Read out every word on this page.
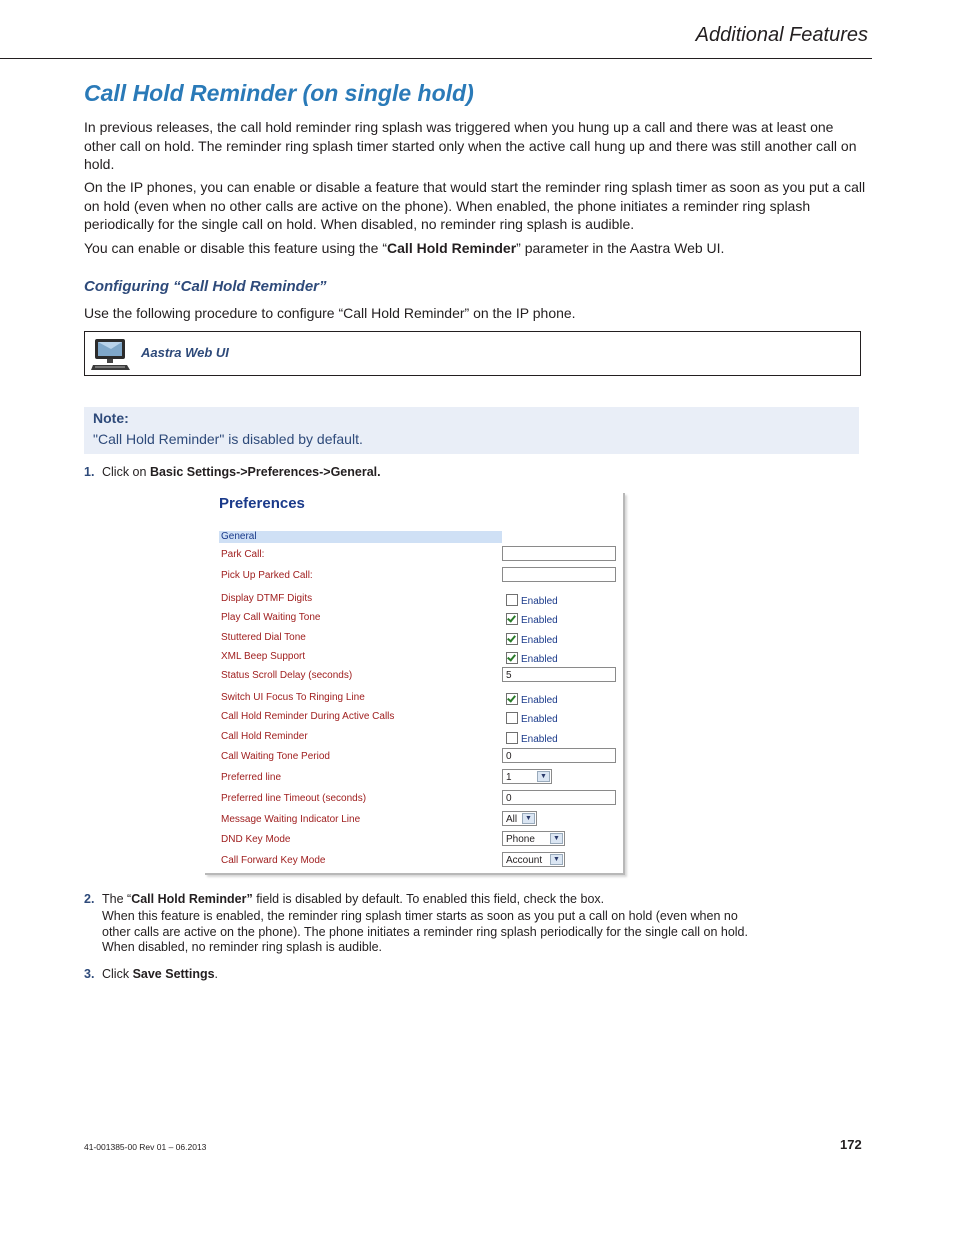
Additional Features
Call Hold Reminder (on single hold)

In previous releases, the call hold reminder ring splash was triggered when you hung up a call and there was at least one other call on hold. The reminder ring splash timer started only when the active call hung up and there was still another call on hold.

On the IP phones, you can enable or disable a feature that would start the reminder ring splash timer as soon as you put a call on hold (even when no other calls are active on the phone). When enabled, the phone initiates a reminder ring splash periodically for the single call on hold. When disabled, no reminder ring splash is audible.

You can enable or disable this feature using the “Call Hold Reminder” parameter in the Aastra Web UI.

Configuring “Call Hold Reminder”

Use the following procedure to configure “Call Hold Reminder” on the IP phone.

Aastra Web UI
Note:
"Call Hold Reminder" is disabled by default.
1. Click on Basic Settings->Preferences->General.
Preferences
General
Park Call:
Pick Up Parked Call:
Display DTMF Digits	Enabled
Play Call Waiting Tone	Enabled
Stuttered Dial Tone	Enabled
XML Beep Support	Enabled
Status Scroll Delay (seconds)	5
Switch UI Focus To Ringing Line	Enabled
Call Hold Reminder During Active Calls	Enabled
Call Hold Reminder	Enabled
Call Waiting Tone Period	0
Preferred line	1	▼
Preferred line Timeout (seconds)	0
Message Waiting Indicator Line	All	▼
DND Key Mode	Phone	▼
Call Forward Key Mode	Account	▼
2. The “Call Hold Reminder” field is disabled by default. To enabled this field, check the box.
When this feature is enabled, the reminder ring splash timer starts as soon as you put a call on hold (even when no other calls are active on the phone). The phone initiates a reminder ring splash periodically for the single call on hold. When disabled, no reminder ring splash is audible.
3. Click Save Settings.
41-001385-00 Rev 01 – 06.2013	172
